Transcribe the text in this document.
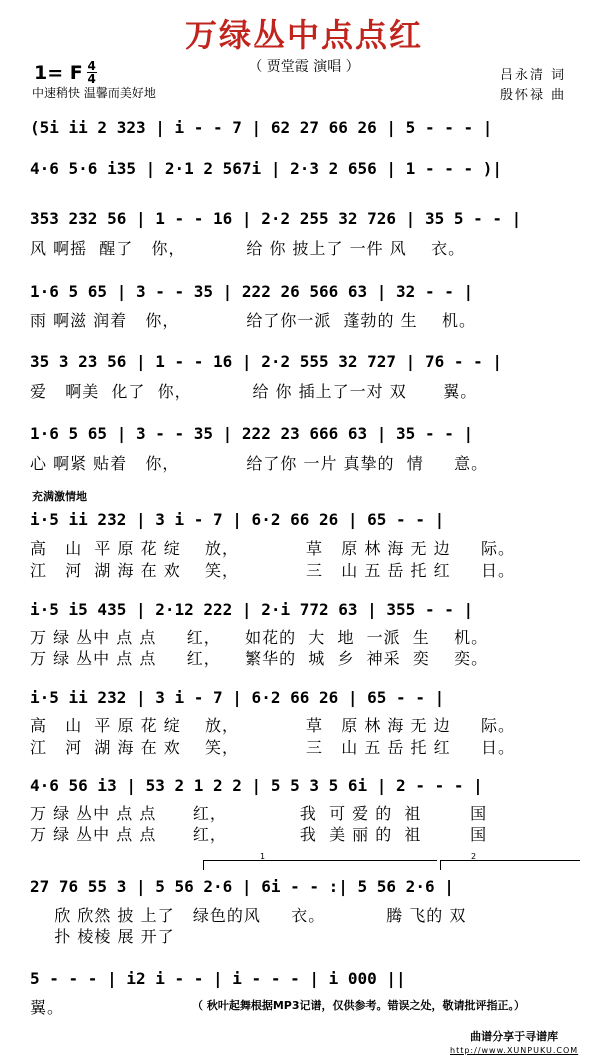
万绿丛中点点红
（ 贾堂霞 演唱 ）
1= F 4
4
中速稍快 温馨而美好地
吕永清 词
殷怀禄 曲
(5i ii 2 323 | i - - 7 | 62 27 66 26 | 5 - - - |
4·6 5·6 i35 | 2·1 2 567i | 2·3 2 656 | 1 - - - )|
353 232 56 | 1 - - 16 | 2·2 255 32 726 | 35 5 - - |
风 啊摇  醒了   你，          给 你 披上了 一件 风    衣。
1·6 5 65 | 3 - - 35 | 222 26 566 63 | 32 - - |
雨 啊滋 润着   你，           给了你一派  蓬勃的 生    机。
35 3 23 56 | 1 - - 16 | 2·2 555 32 727 | 76 - - |
爱   啊美  化了  你，          给 你 插上了一对 双      翼。
1·6 5 65 | 3 - - 35 | 222 23 666 63 | 35 - - |
心 啊紧 贴着   你，           给了你 一片 真挚的  情     意。
充满激情地
i·5 ii 232 | 3 i - 7 | 6·2 66 26 | 65 - - |
高   山  平 原 花 绽    放，           草   原 林 海 无 边     际。
江   河  湖 海 在 欢    笑，           三   山 五 岳 托 红     日。
i·5 i5 435 | 2·12 222 | 2·i 772 63 | 355 - - |
万 绿 丛中 点 点     红，    如花的  大  地  一派  生    机。
万 绿 丛中 点 点     红，    繁华的  城  乡  神采  奕    奕。
i·5 ii 232 | 3 i - 7 | 6·2 66 26 | 65 - - |
高   山  平 原 花 绽    放，           草   原 林 海 无 边     际。
江   河  湖 海 在 欢    笑，           三   山 五 岳 托 红     日。
4·6 56 i3 | 53 2 1 2 2 | 5 5 3 5 6i | 2 - - - |
万 绿 丛中 点 点      红，            我  可 爱 的  祖        国
万 绿 丛中 点 点      红，            我  美 丽 的  祖        国
1	2
27 76 55 3 | 5 56 2·6 | 6i - - :| 5 56 2·6 |
欣 欣然 披 上了   绿色的风     衣。          腾 飞的 双
扑 棱棱 展 开了
5 - - - | i2 i - - | i - - - | i 000 ||
翼。	（ 秋叶起舞根据MP3记谱，仅供参考。错误之处，敬请批评指正。）
曲谱分享于寻谱库
http://www.XUNPUKU.COM
